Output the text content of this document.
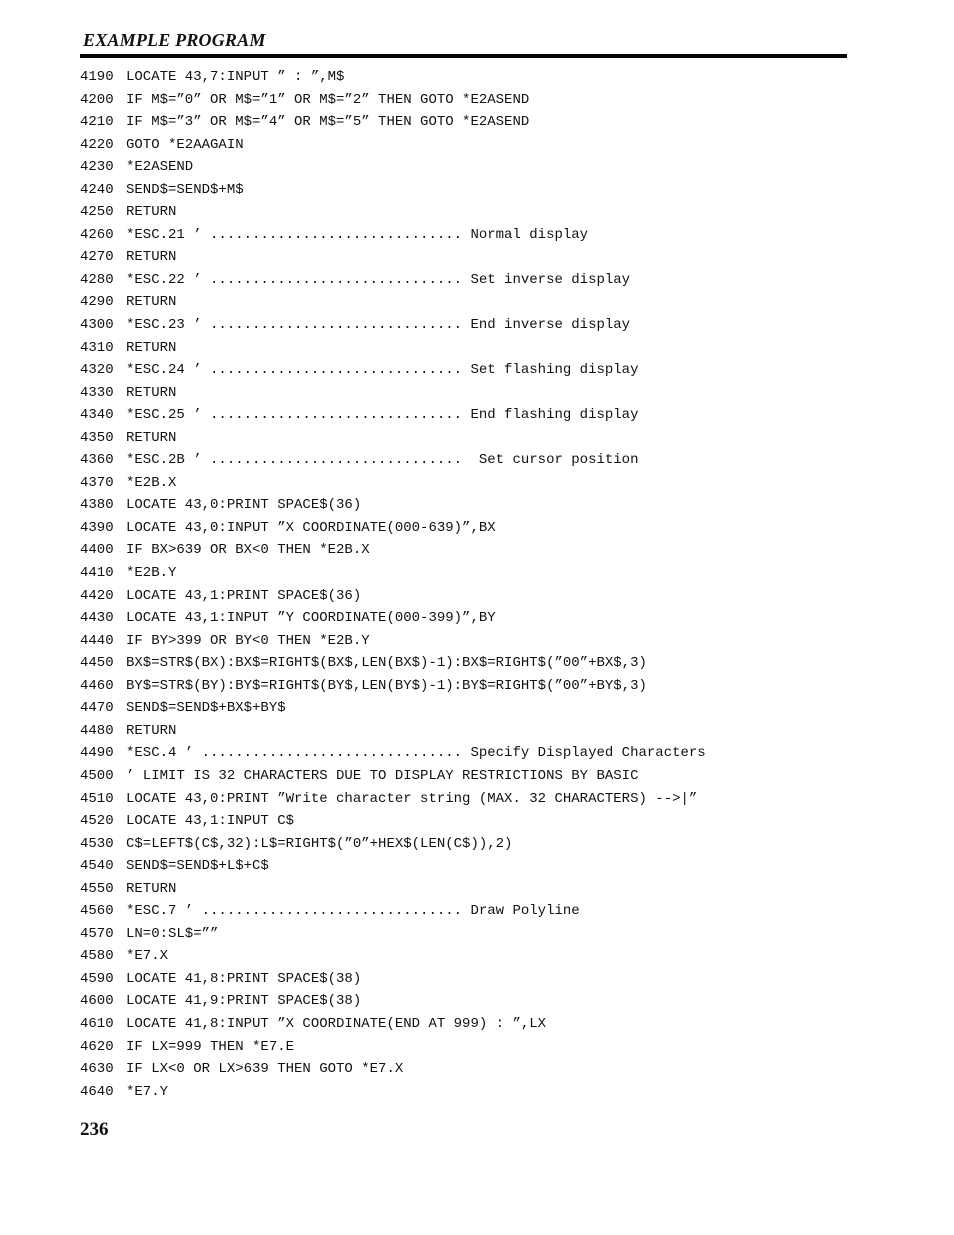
EXAMPLE PROGRAM
4190 LOCATE 43,7:INPUT ” : ”,M$
4200 IF M$=”0” OR M$=”1” OR M$=”2” THEN GOTO *E2ASEND
4210 IF M$=”3” OR M$=”4” OR M$=”5” THEN GOTO *E2ASEND
4220 GOTO *E2AAGAIN
4230 *E2ASEND
4240 SEND$=SEND$+M$
4250 RETURN
4260 *ESC.21 ’ .............................. Normal display
4270 RETURN
4280 *ESC.22 ’ .............................. Set inverse display
4290 RETURN
4300 *ESC.23 ’ .............................. End inverse display
4310 RETURN
4320 *ESC.24 ’ .............................. Set flashing display
4330 RETURN
4340 *ESC.25 ’ .............................. End flashing display
4350 RETURN
4360 *ESC.2B ’ ..............................  Set cursor position
4370 *E2B.X
4380 LOCATE 43,0:PRINT SPACE$(36)
4390 LOCATE 43,0:INPUT ”X COORDINATE(000-639)”,BX
4400 IF BX>639 OR BX<0 THEN *E2B.X
4410 *E2B.Y
4420 LOCATE 43,1:PRINT SPACE$(36)
4430 LOCATE 43,1:INPUT ”Y COORDINATE(000-399)”,BY
4440 IF BY>399 OR BY<0 THEN *E2B.Y
4450 BX$=STR$(BX):BX$=RIGHT$(BX$,LEN(BX$)-1):BX$=RIGHT$(”00”+BX$,3)
4460 BY$=STR$(BY):BY$=RIGHT$(BY$,LEN(BY$)-1):BY$=RIGHT$(”00”+BY$,3)
4470 SEND$=SEND$+BX$+BY$
4480 RETURN
4490 *ESC.4 ’ ............................... Specify Displayed Characters
4500 ’ LIMIT IS 32 CHARACTERS DUE TO DISPLAY RESTRICTIONS BY BASIC
4510 LOCATE 43,0:PRINT ”Write character string (MAX. 32 CHARACTERS) -->|”
4520 LOCATE 43,1:INPUT C$
4530 C$=LEFT$(C$,32):L$=RIGHT$(”0”+HEX$(LEN(C$)),2)
4540 SEND$=SEND$+L$+C$
4550 RETURN
4560 *ESC.7 ’ ............................... Draw Polyline
4570 LN=0:SL$=””
4580 *E7.X
4590 LOCATE 41,8:PRINT SPACE$(38)
4600 LOCATE 41,9:PRINT SPACE$(38)
4610 LOCATE 41,8:INPUT ”X COORDINATE(END AT 999) : ”,LX
4620 IF LX=999 THEN *E7.E
4630 IF LX<0 OR LX>639 THEN GOTO *E7.X
4640 *E7.Y
236
